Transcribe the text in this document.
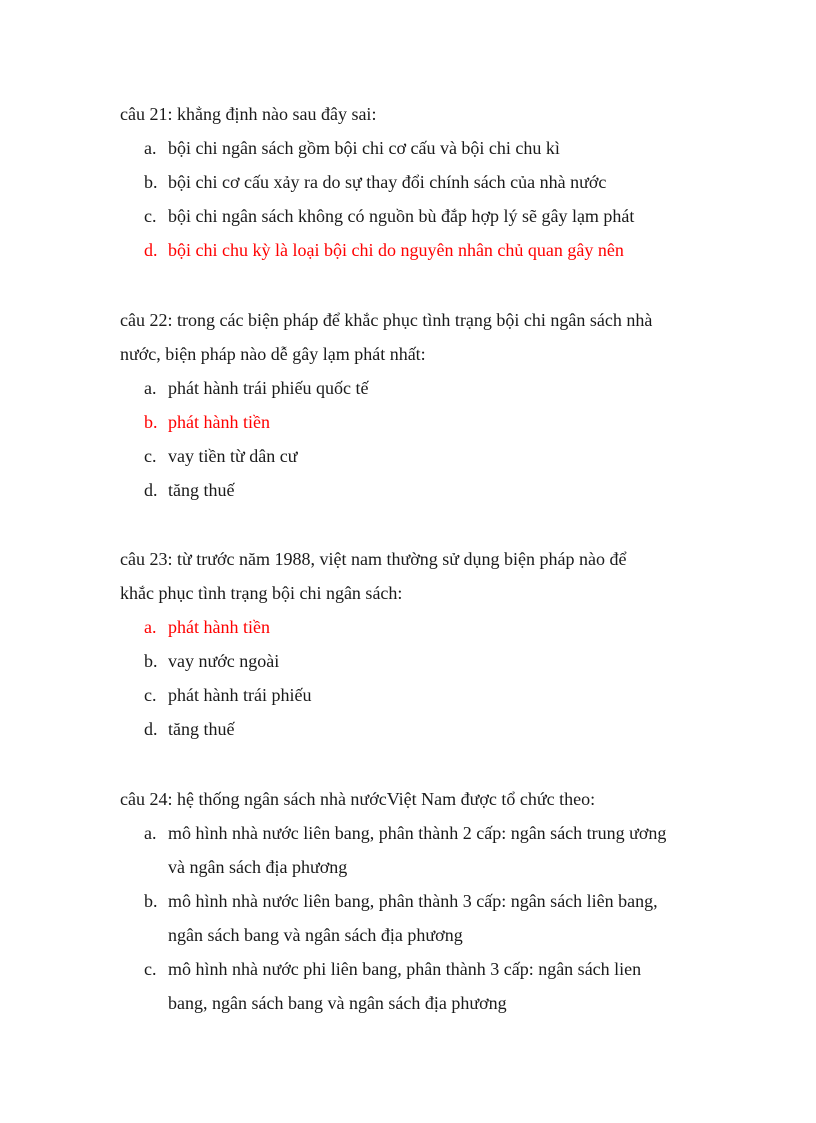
câu 21: khẳng định nào sau đây sai:
a. bội chi ngân sách gồm bội chi cơ cấu và bội chi chu kì
b. bội chi cơ cấu xảy ra do sự thay đổi chính sách của nhà nước
c. bội chi ngân sách không có nguồn bù đắp hợp lý sẽ gây lạm phát
d. bội chi chu kỳ là loại bội chi do nguyên nhân chủ quan gây nên
câu 22: trong các biện pháp để khắc phục tình trạng bội chi ngân sách nhà
nước, biện pháp nào dễ gây lạm phát nhất:
a. phát hành trái phiếu quốc tế
b. phát hành tiền
c. vay tiền từ dân cư
d. tăng thuế
câu 23: từ trước năm 1988, việt nam thường sử dụng biện pháp nào để
khắc phục tình trạng bội chi ngân sách:
a. phát hành tiền
b. vay nước ngoài
c. phát hành trái phiếu
d. tăng thuế
câu 24: hệ thống ngân sách nhà nướcViệt Nam được tổ chức theo:
a. mô hình nhà nước liên bang, phân thành 2 cấp: ngân sách trung ương
và ngân sách địa phương
b. mô hình nhà nước liên bang, phân thành 3 cấp: ngân sách liên bang,
ngân sách bang và ngân sách địa phương
c. mô hình nhà nước phi liên bang, phân thành 3 cấp: ngân sách lien
bang, ngân sách bang và ngân sách địa phương
